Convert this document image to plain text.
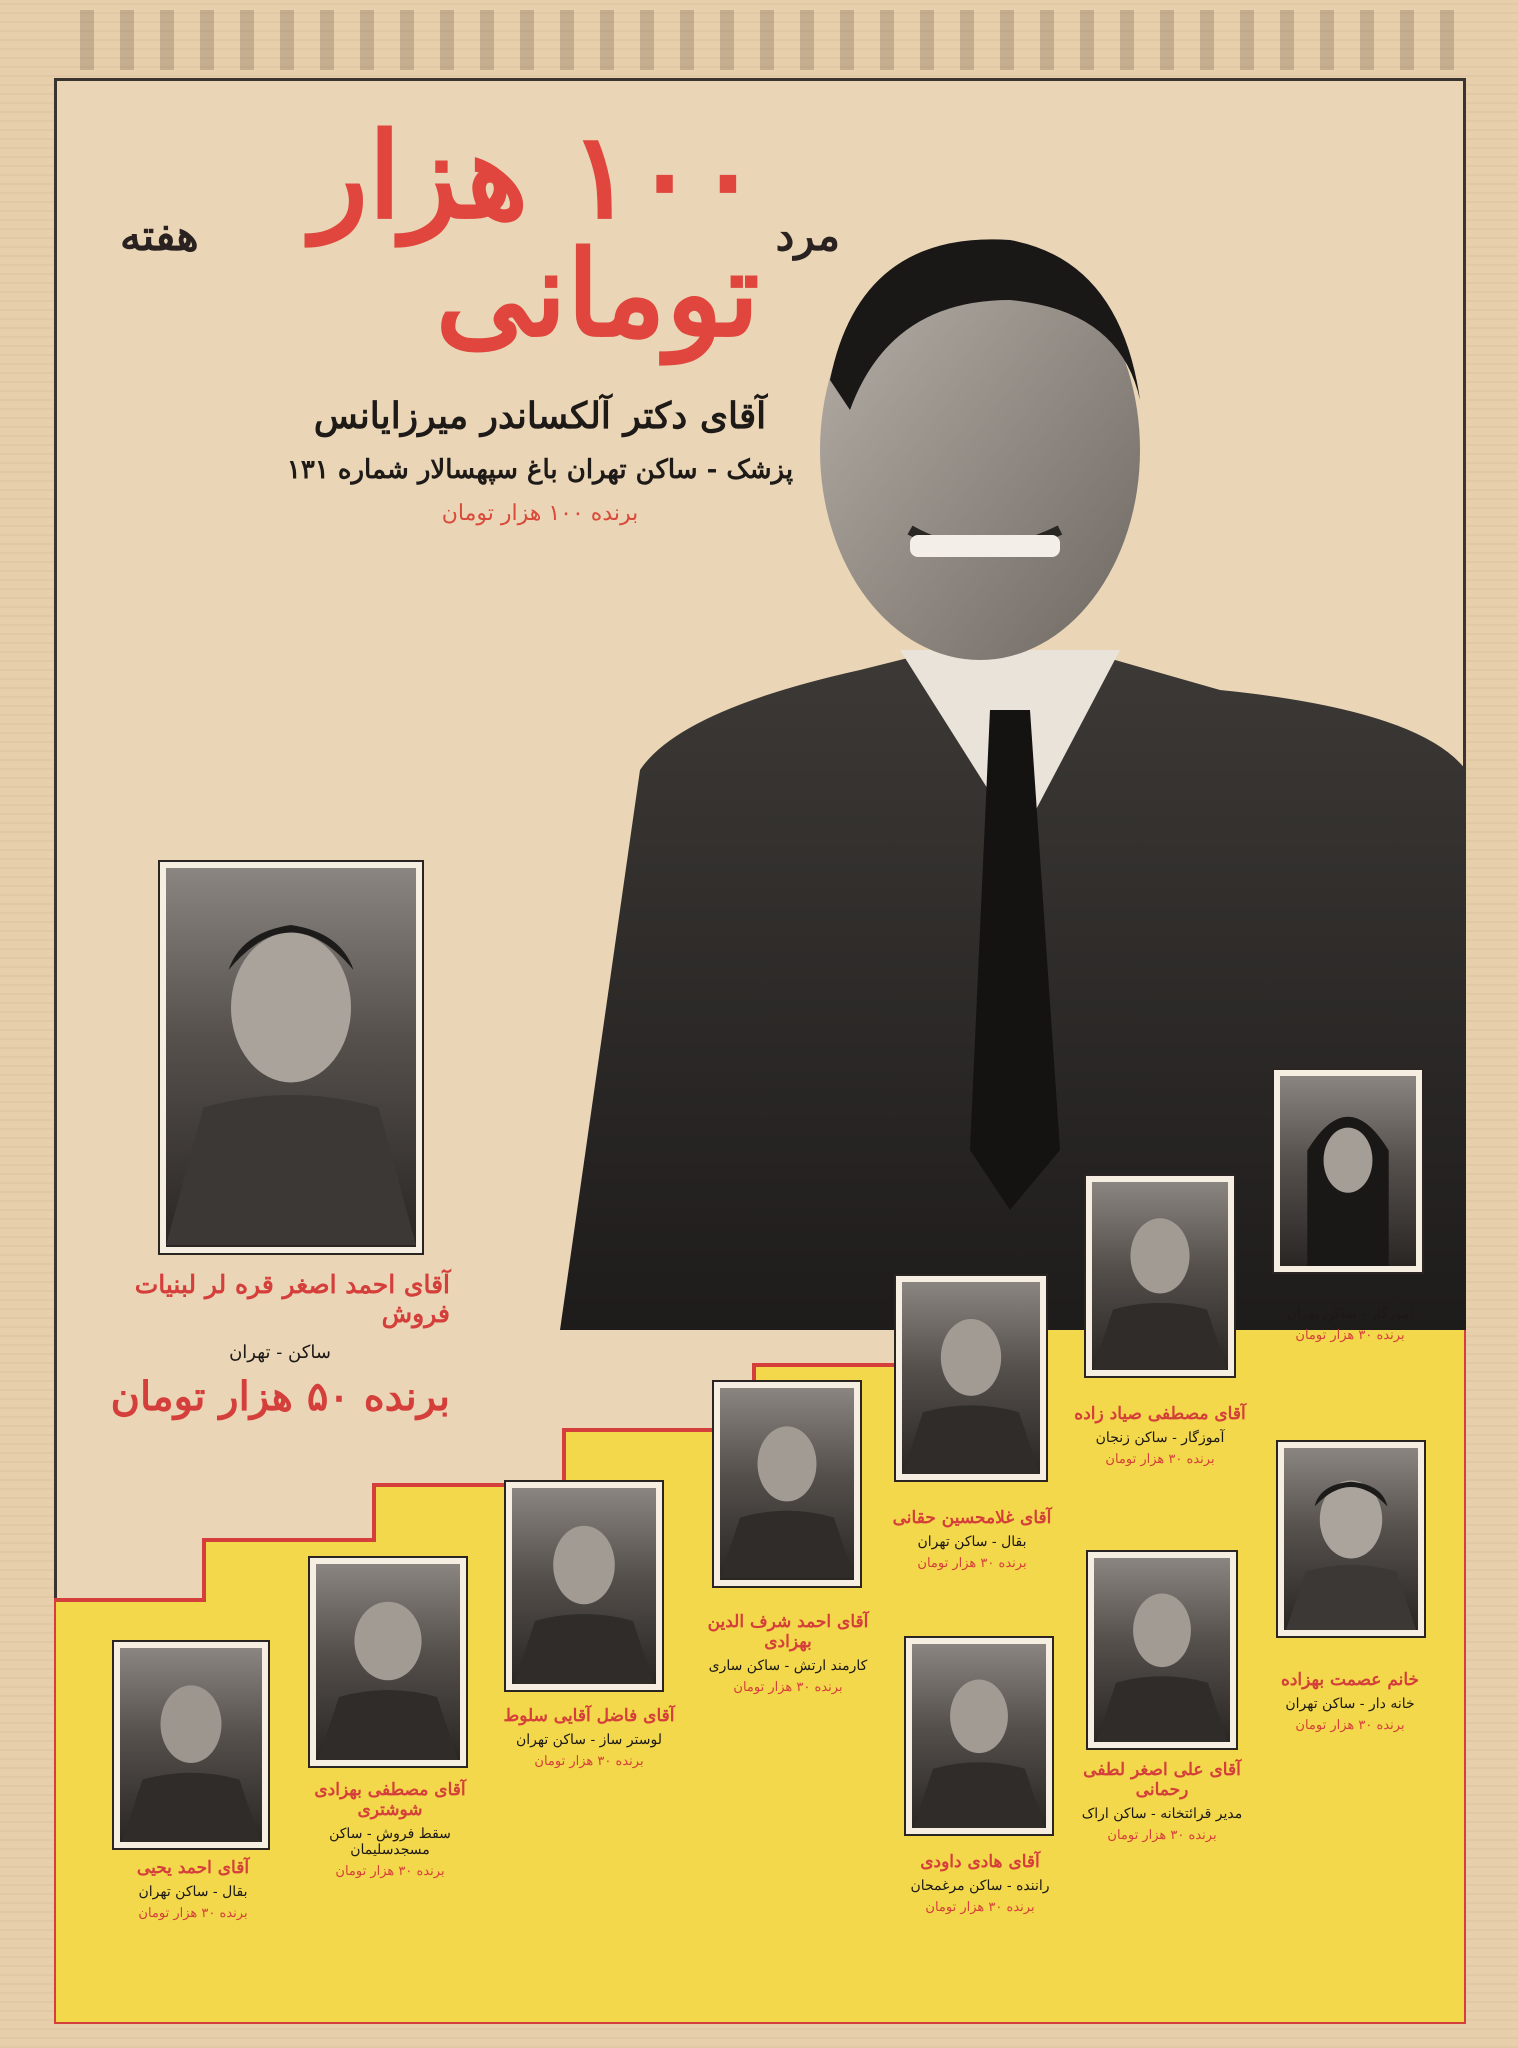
مرد
۱۰۰ هزار تومانی
هفته
آقای دکتر آلکساندر میرزایانس
پزشک - ساکن تهران باغ سپهسالار شماره ۱۳۱
برنده ۱۰۰ هزار تومان
آقای احمد اصغر قره لر لبنیات فروش
ساکن - تهران
برنده ۵۰ هزار تومان
آقای احمد یحیی
بقال - ساکن تهران
برنده ۳۰ هزار تومان
آقای مصطفی بهزادی شوشتری
سقط فروش - ساکن مسجدسلیمان
برنده ۳۰ هزار تومان
آقای فاضل آقایی سلوط
لوستر ساز - ساکن تهران
برنده ۳۰ هزار تومان
آقای احمد شرف الدین بهزادی
کارمند ارتش - ساکن ساری
برنده ۳۰ هزار تومان
آقای غلامحسین حقانی
بقال - ساکن تهران
برنده ۳۰ هزار تومان
آقای هادی داودی
راننده - ساکن مرغمحان
برنده ۳۰ هزار تومان
آقای مصطفی صیاد زاده
آموزگار - ساکن زنجان
برنده ۳۰ هزار تومان
آقای علی اصغر لطفی رحمانی
مدیر قرائتخانه - ساکن اراک
برنده ۳۰ هزار تومان
خانم عصمت بهزاده
خانه دار - ساکن تهران
برنده ۳۰ هزار تومان
آموزگار - ساکن تهران
برنده ۳۰ هزار تومان
